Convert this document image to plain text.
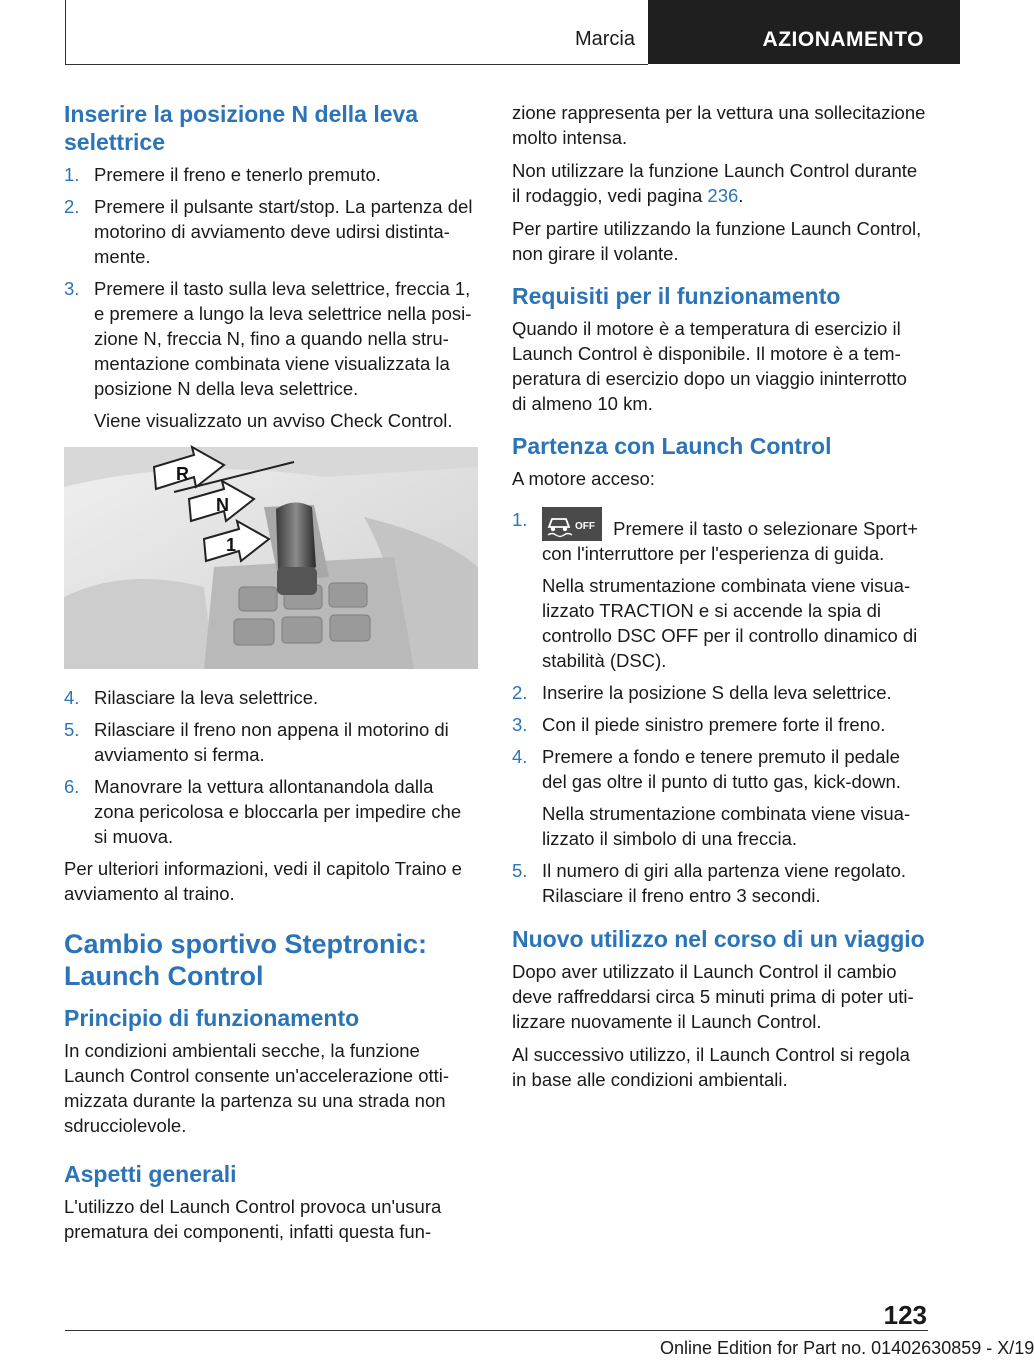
Marcia	AZIONAMENTO
Inserire la posizione N della leva selettrice
1. Premere il freno e tenerlo premuto.
2. Premere il pulsante start/stop. La partenza del motorino di avviamento deve udirsi distintamente.
3. Premere il tasto sulla leva selettrice, freccia 1, e premere a lungo la leva selettrice nella posizione N, freccia N, fino a quando nella strumentazione combinata viene visualizzata la posizione N della leva selettrice.
Viene visualizzato un avviso Check Control.
R
N
1
4. Rilasciare la leva selettrice.
5. Rilasciare il freno non appena il motorino di avviamento si ferma.
6. Manovrare la vettura allontanandola dalla zona pericolosa e bloccarla per impedire che si muova.

Per ulteriori informazioni, vedi il capitolo Traino e avviamento al traino.

Cambio sportivo Steptronic: Launch Control
Principio di funzionamento

In condizioni ambientali secche, la funzione Launch Control consente un'accelerazione ottimizzata durante la partenza su una strada non sdrucciolevole.

Aspetti generali

L'utilizzo del Launch Control provoca un'usura prematura dei componenti, infatti questa fun-

zione rappresenta per la vettura una sollecitazione molto intensa.

Non utilizzare la funzione Launch Control durante il rodaggio, vedi pagina 236.

Per partire utilizzando la funzione Launch Control, non girare il volante.

Requisiti per il funzionamento

Quando il motore è a temperatura di esercizio il Launch Control è disponibile. Il motore è a temperatura di esercizio dopo un viaggio ininterrotto di almeno 10 km.

Partenza con Launch Control

A motore acceso:

1.	OFF Premere il tasto o selezionare Sport+ con l'interruttore per l'esperienza di guida.
Nella strumentazione combinata viene visualizzato TRACTION e si accende la spia di controllo DSC OFF per il controllo dinamico di stabilità (DSC).
2. Inserire la posizione S della leva selettrice.
3. Con il piede sinistro premere forte il freno.
4. Premere a fondo e tenere premuto il pedale del gas oltre il punto di tutto gas, kick-down.
Nella strumentazione combinata viene visualizzato il simbolo di una freccia.
5. Il numero di giri alla partenza viene regolato. Rilasciare il freno entro 3 secondi.
Nuovo utilizzo nel corso di un viaggio

Dopo aver utilizzato il Launch Control il cambio deve raffreddarsi circa 5 minuti prima di poter utilizzare nuovamente il Launch Control.

Al successivo utilizzo, il Launch Control si regola in base alle condizioni ambientali.

123
Online Edition for Part no. 01402630859 - X/19
